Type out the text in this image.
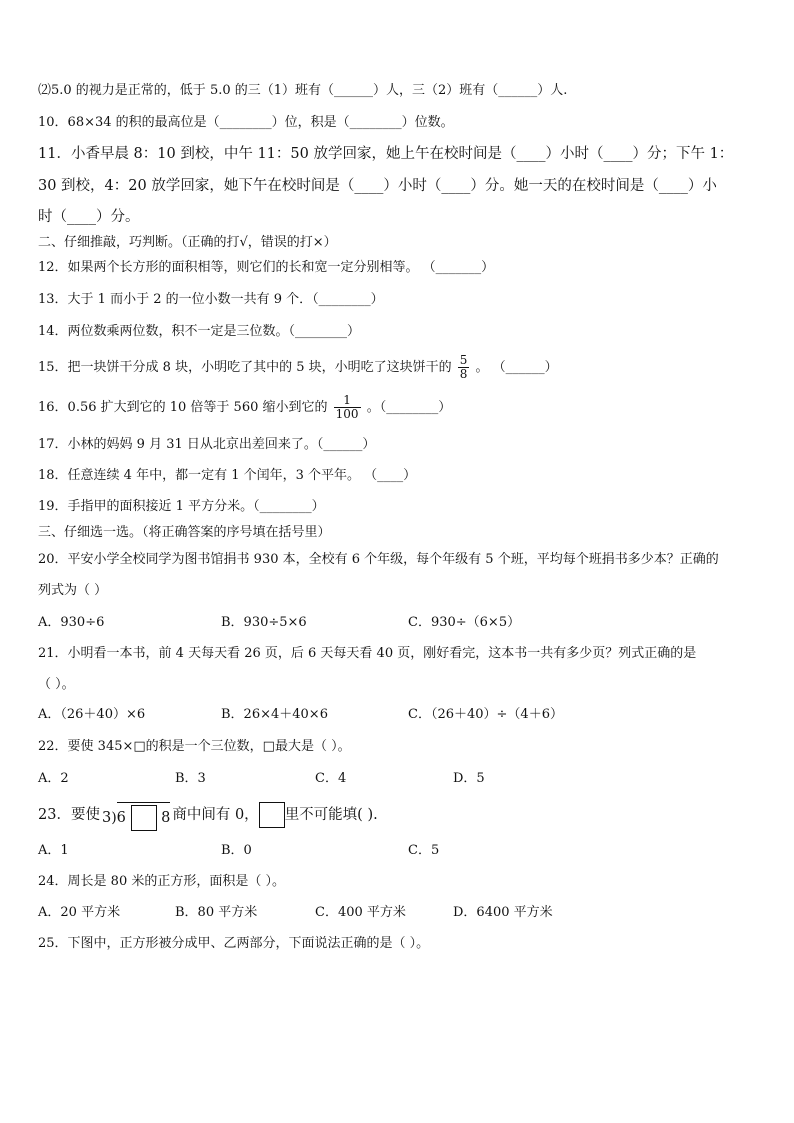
⑵5.0 的视力是正常的，低于 5.0 的三（1）班有（______）人，三（2）班有（______）人.
10．68×34 的积的最高位是（________）位，积是（________）位数。
11．小香早晨 8：10 到校，中午 11：50 放学回家，她上午在校时间是（____）小时（____）分；下午 1：
30 到校，4：20 放学回家，她下午在校时间是（____）小时（____）分。她一天的在校时间是（____）小
时（____）分。
二、仔细推敲，巧判断。（正确的打√，错误的打×）
12．如果两个长方形的面积相等，则它们的长和宽一定分别相等。 （_______）
13．大于 1 而小于 2 的一位小数一共有 9 个．（________）
14．两位数乘两位数，积不一定是三位数。（________）
15．把一块饼干分成 8 块，小明吃了其中的 5 块，小明吃了这块饼干的 $\frac{5}{8}$ 。 （______）
16．0.56 扩大到它的 10 倍等于 560 缩小到它的 $\frac{1}{100}$ 。（________）
17．小林的妈妈 9 月 31 日从北京出差回来了。（______）
18．任意连续 4 年中，都一定有 1 个闰年，3 个平年。 （____）
19．手指甲的面积接近 1 平方分米。（________）
三、仔细选一选。（将正确答案的序号填在括号里）
20．平安小学全校同学为图书馆捐书 930 本，全校有 6 个年级，每个年级有 5 个班，平均每个班捐书多少本？正确的
列式为（ ）
A．930÷6	B．930÷5×6	C．930÷（6×5）
21．小明看一本书，前 4 天每天看 26 页，后 6 天每天看 40 页，刚好看完，这本书一共有多少页？列式正确的是
（ ）。
A．（26＋40）×6	B．26×4＋40×6	C．（26＋40）÷（4＋6）
22．要使 345×□的积是一个三位数，□最大是（ ）。
A．2	B．3	C．4	D．5
23．要使 3)6 8 商中间有 0， 里不可能填( ).
A．1	B．0	C．5
24．周长是 80 米的正方形，面积是（ ）。
A．20 平方米	B．80 平方米	C．400 平方米	D．6400 平方米
25．下图中，正方形被分成甲、乙两部分，下面说法正确的是（ ）。
